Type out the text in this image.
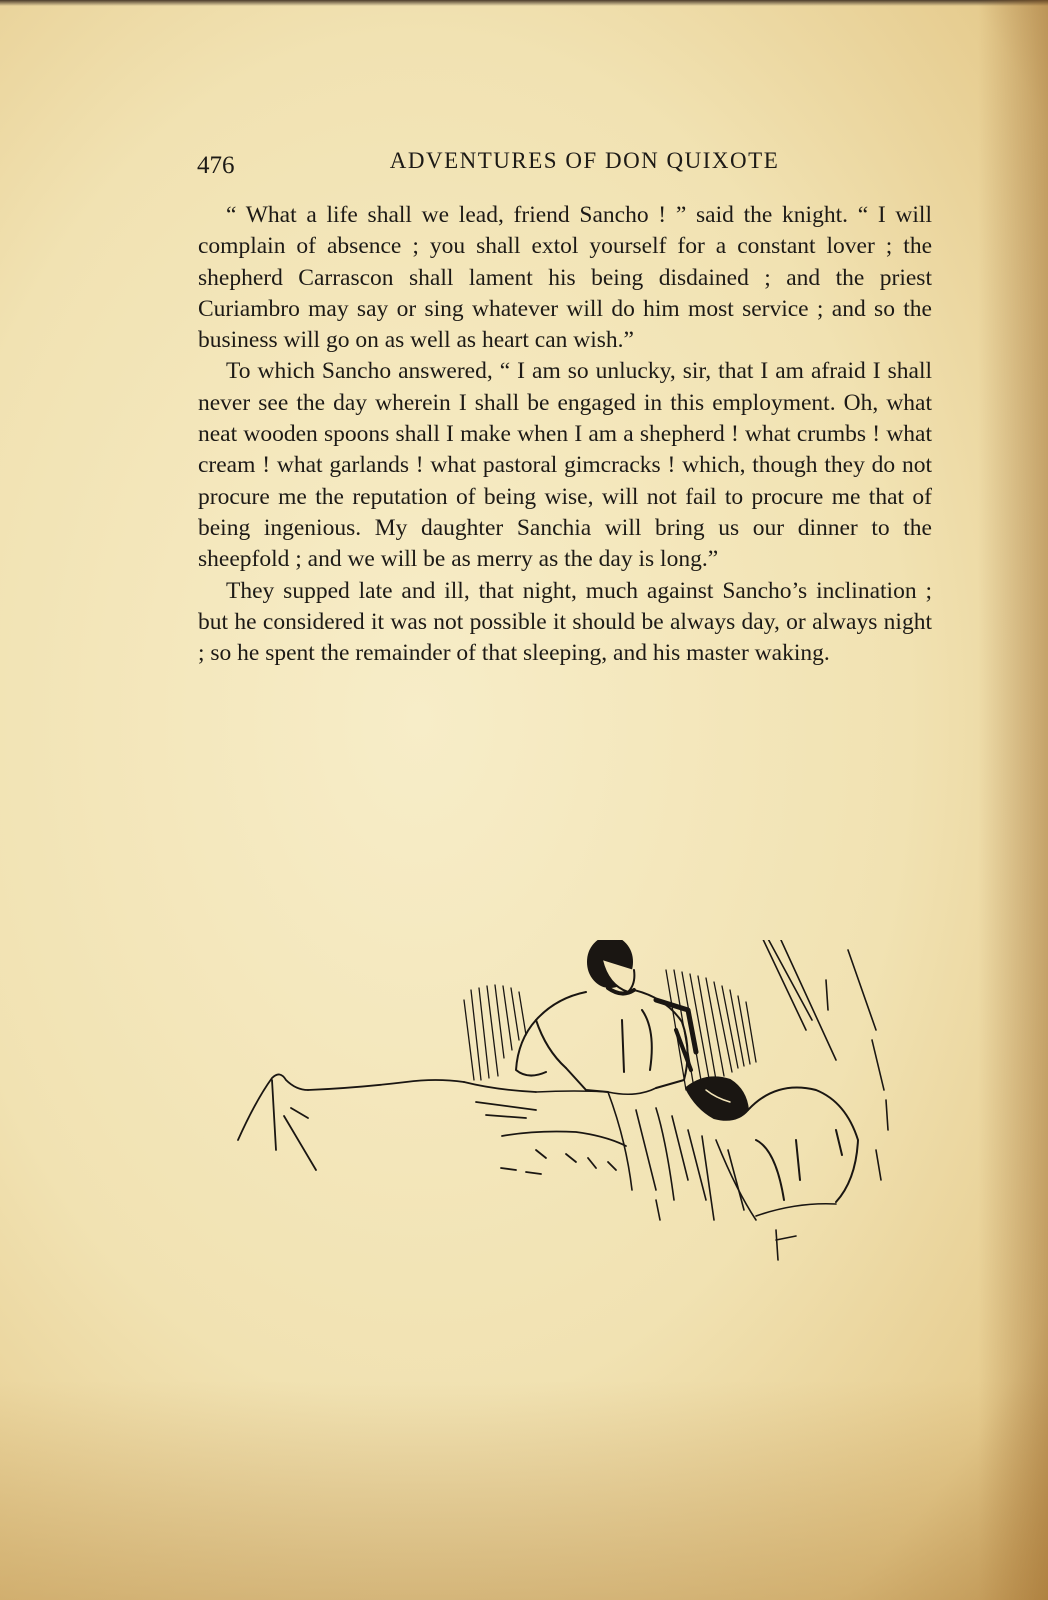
476	ADVENTURES OF DON QUIXOTE

“ What a life shall we lead, friend Sancho ! ” said the knight. “ I will complain of absence ; you shall extol yourself for a constant lover ; the shepherd Carrascon shall lament his being disdained ; and the priest Curiambro may say or sing whatever will do him most service ; and so the business will go on as well as heart can wish.”

To which Sancho answered, “ I am so unlucky, sir, that I am afraid I shall never see the day wherein I shall be engaged in this employment. Oh, what neat wooden spoons shall I make when I am a shepherd ! what crumbs ! what cream ! what garlands ! what pastoral gimcracks ! which, though they do not procure me the reputation of being wise, will not fail to procure me that of being ingenious. My daughter Sanchia will bring us our dinner to the sheepfold ; and we will be as merry as the day is long.”

They supped late and ill, that night, much against Sancho’s inclination ; but he considered it was not possible it should be always day, or always night ; so he spent the remainder of that sleeping, and his master waking.
